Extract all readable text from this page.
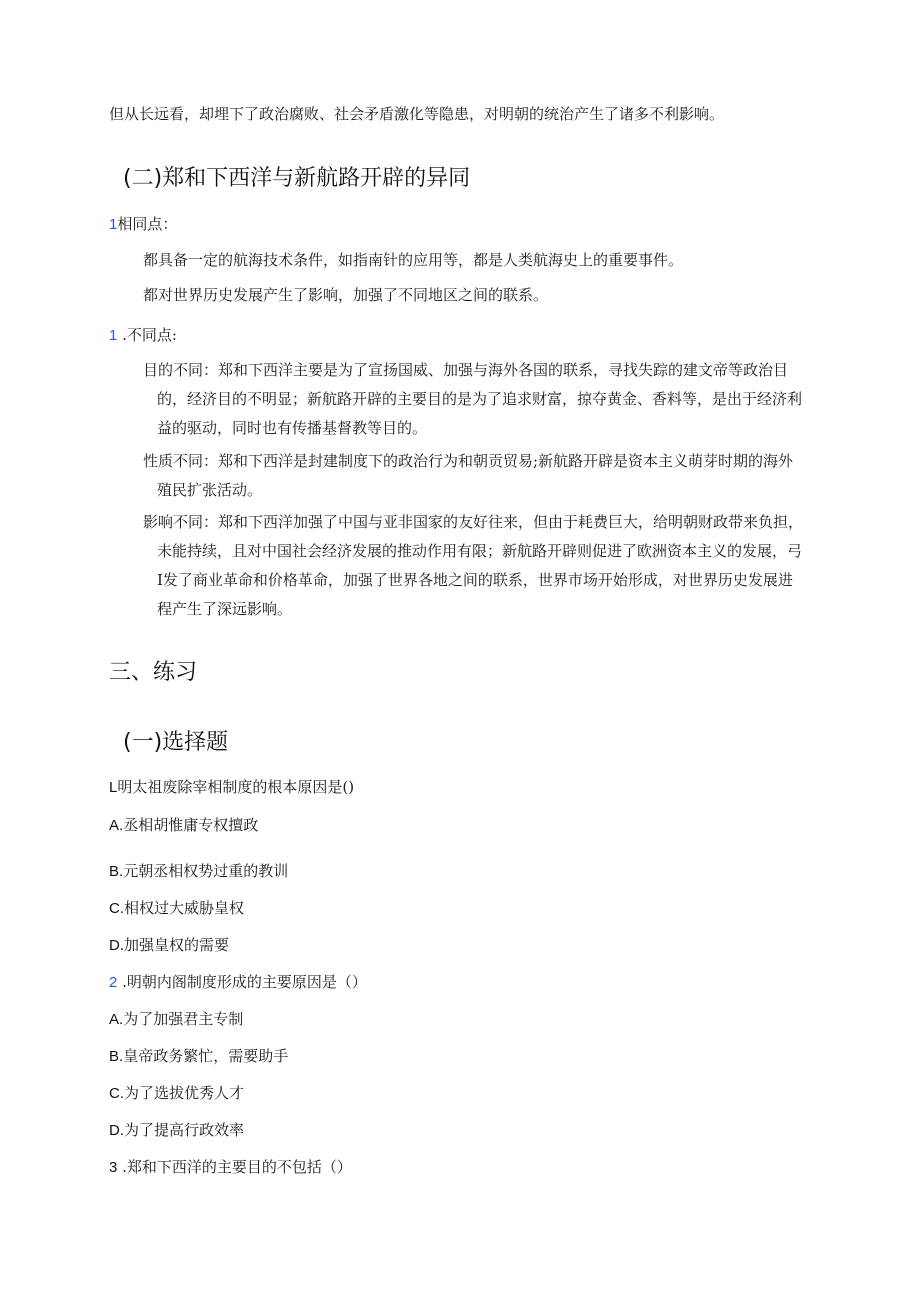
但从长远看，却埋下了政治腐败、社会矛盾激化等隐患，对明朝的统治产生了诸多不利影响。
(二)郑和下西洋与新航路开辟的异同
1相同点：
都具备一定的航海技术条件，如指南针的应用等，都是人类航海史上的重要事件。
都对世界历史发展产生了影响，加强了不同地区之间的联系。
1 .不同点:
目的不同：郑和下西洋主要是为了宣扬国威、加强与海外各国的联系，寻找失踪的建文帝等政治目的，经济目的不明显；新航路开辟的主要目的是为了追求财富，掠夺黄金、香料等，是出于经济利益的驱动，同时也有传播基督教等目的。
性质不同：郑和下西洋是封建制度下的政治行为和朝贡贸易;新航路开辟是资本主义萌芽时期的海外殖民扩张活动。
影响不同：郑和下西洋加强了中国与亚非国家的友好往来，但由于耗费巨大，给明朝财政带来负担，未能持续，且对中国社会经济发展的推动作用有限；新航路开辟则促进了欧洲资本主义的发展，弓I发了商业革命和价格革命，加强了世界各地之间的联系，世界市场开始形成，对世界历史发展进程产生了深远影响。
三、练习
(一)选择题
L明太祖废除宰相制度的根本原因是()
A.丞相胡惟庸专权擅政
B.元朝丞相权势过重的教训
C.相权过大威胁皇权
D.加强皇权的需要
2 .明朝内阁制度形成的主要原因是（）
A.为了加强君主专制
B.皇帝政务繁忙，需要助手
C.为了选拔优秀人才
D.为了提高行政效率
3 .郑和下西洋的主要目的不包括（）
